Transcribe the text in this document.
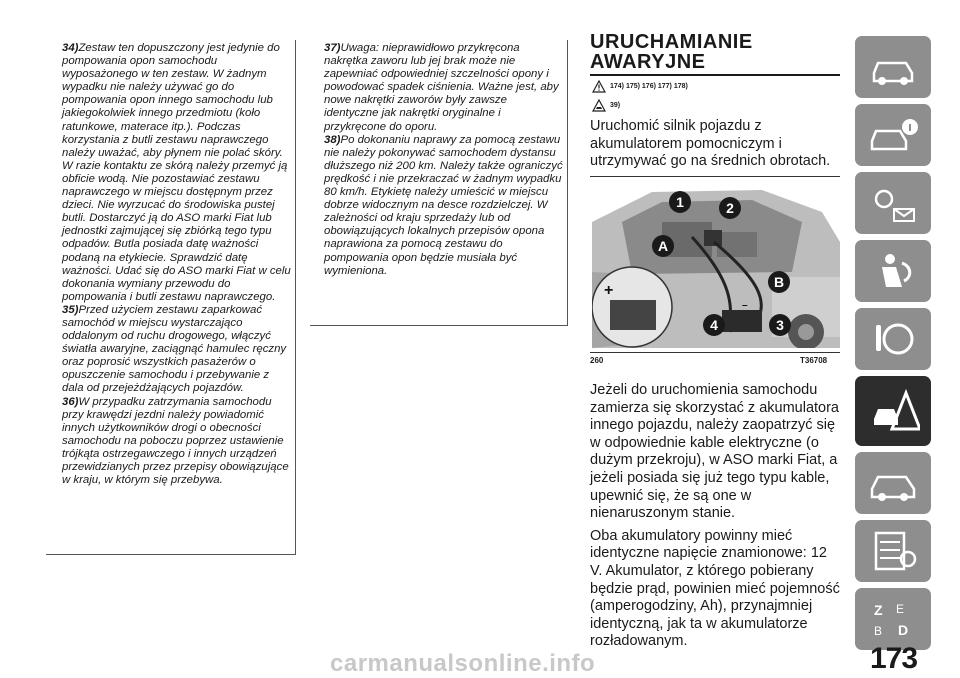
34)Zestaw ten dopuszczony jest jedynie do pompowania opon samochodu wyposażonego w ten zestaw. W żadnym wypadku nie należy używać go do pompowania opon innego samochodu lub jakiegokolwiek innego przedmiotu (koło ratunkowe, materace itp.). Podczas korzystania z butli zestawu naprawczego należy uważać, aby płynem nie polać skóry. W razie kontaktu ze skórą należy przemyć ją obficie wodą. Nie pozostawiać zestawu naprawczego w miejscu dostępnym przez dzieci. Nie wyrzucać do środowiska pustej butli. Dostarczyć ją do ASO marki Fiat lub jednostki zajmującej się zbiórką tego typu odpadów. Butla posiada datę ważności podaną na etykiecie. Sprawdzić datę ważności. Udać się do ASO marki Fiat w celu dokonania wymiany przewodu do pompowania i butli zestawu naprawczego.

35)Przed użyciem zestawu zaparkować samochód w miejscu wystarczająco oddalonym od ruchu drogowego, włączyć światła awaryjne, zaciągnąć hamulec ręczny oraz poprosić wszystkich pasażerów o opuszczenie samochodu i przebywanie z dala od przejeżdżających pojazdów.

36)W przypadku zatrzymania samochodu przy krawędzi jezdni należy powiadomić innych użytkowników drogi o obecności samochodu na poboczu poprzez ustawienie trójkąta ostrzegawczego i innych urządzeń przewidzianych przez przepisy obowiązujące w kraju, w którym się przebywa.

37)Uwaga: nieprawidłowo przykręcona nakrętka zaworu lub jej brak może nie zapewniać odpowiedniej szczelności opony i powodować spadek ciśnienia. Ważne jest, aby nowe nakrętki zaworów były zawsze identyczne jak nakrętki oryginalne i przykręcone do oporu.

38)Po dokonaniu naprawy za pomocą zestawu nie należy pokonywać samochodem dystansu dłuższego niż 200 km. Należy także ograniczyć prędkość i nie przekraczać w żadnym wypadku 80 km/h. Etykietę należy umieścić w miejscu dobrze widocznym na desce rozdzielczej. W zależności od kraju sprzedaży lub od obowiązujących lokalnych przepisów opona naprawiona za pomocą zestawu do pompowania opon będzie musiała być wymieniona.

URUCHAMIANIE AWARYJNE
174) 175) 176) 177) 178)
39)
Uruchomić silnik pojazdu z akumulatorem pomocniczym i utrzymywać go na średnich obrotach.
–
+
1	2
A
B
4	3
260	T36708

Jeżeli do uruchomienia samochodu zamierza się skorzystać z akumulatora innego pojazdu, należy zaopatrzyć się w odpowiednie kable elektryczne (o dużym przekroju), w ASO marki Fiat, a jeżeli posiada się już tego typu kable, upewnić się, że są one w nienaruszonym stanie.

Oba akumulatory powinny mieć identyczne napięcie znamionowe: 12 V. Akumulator, z którego pobierany będzie prąd, powinien mieć pojemność (amperogodziny, Ah), przynajmniej identyczną, jak ta w akumulatorze rozładowanym.

Z E
B D
173
carmanualsonline.info
